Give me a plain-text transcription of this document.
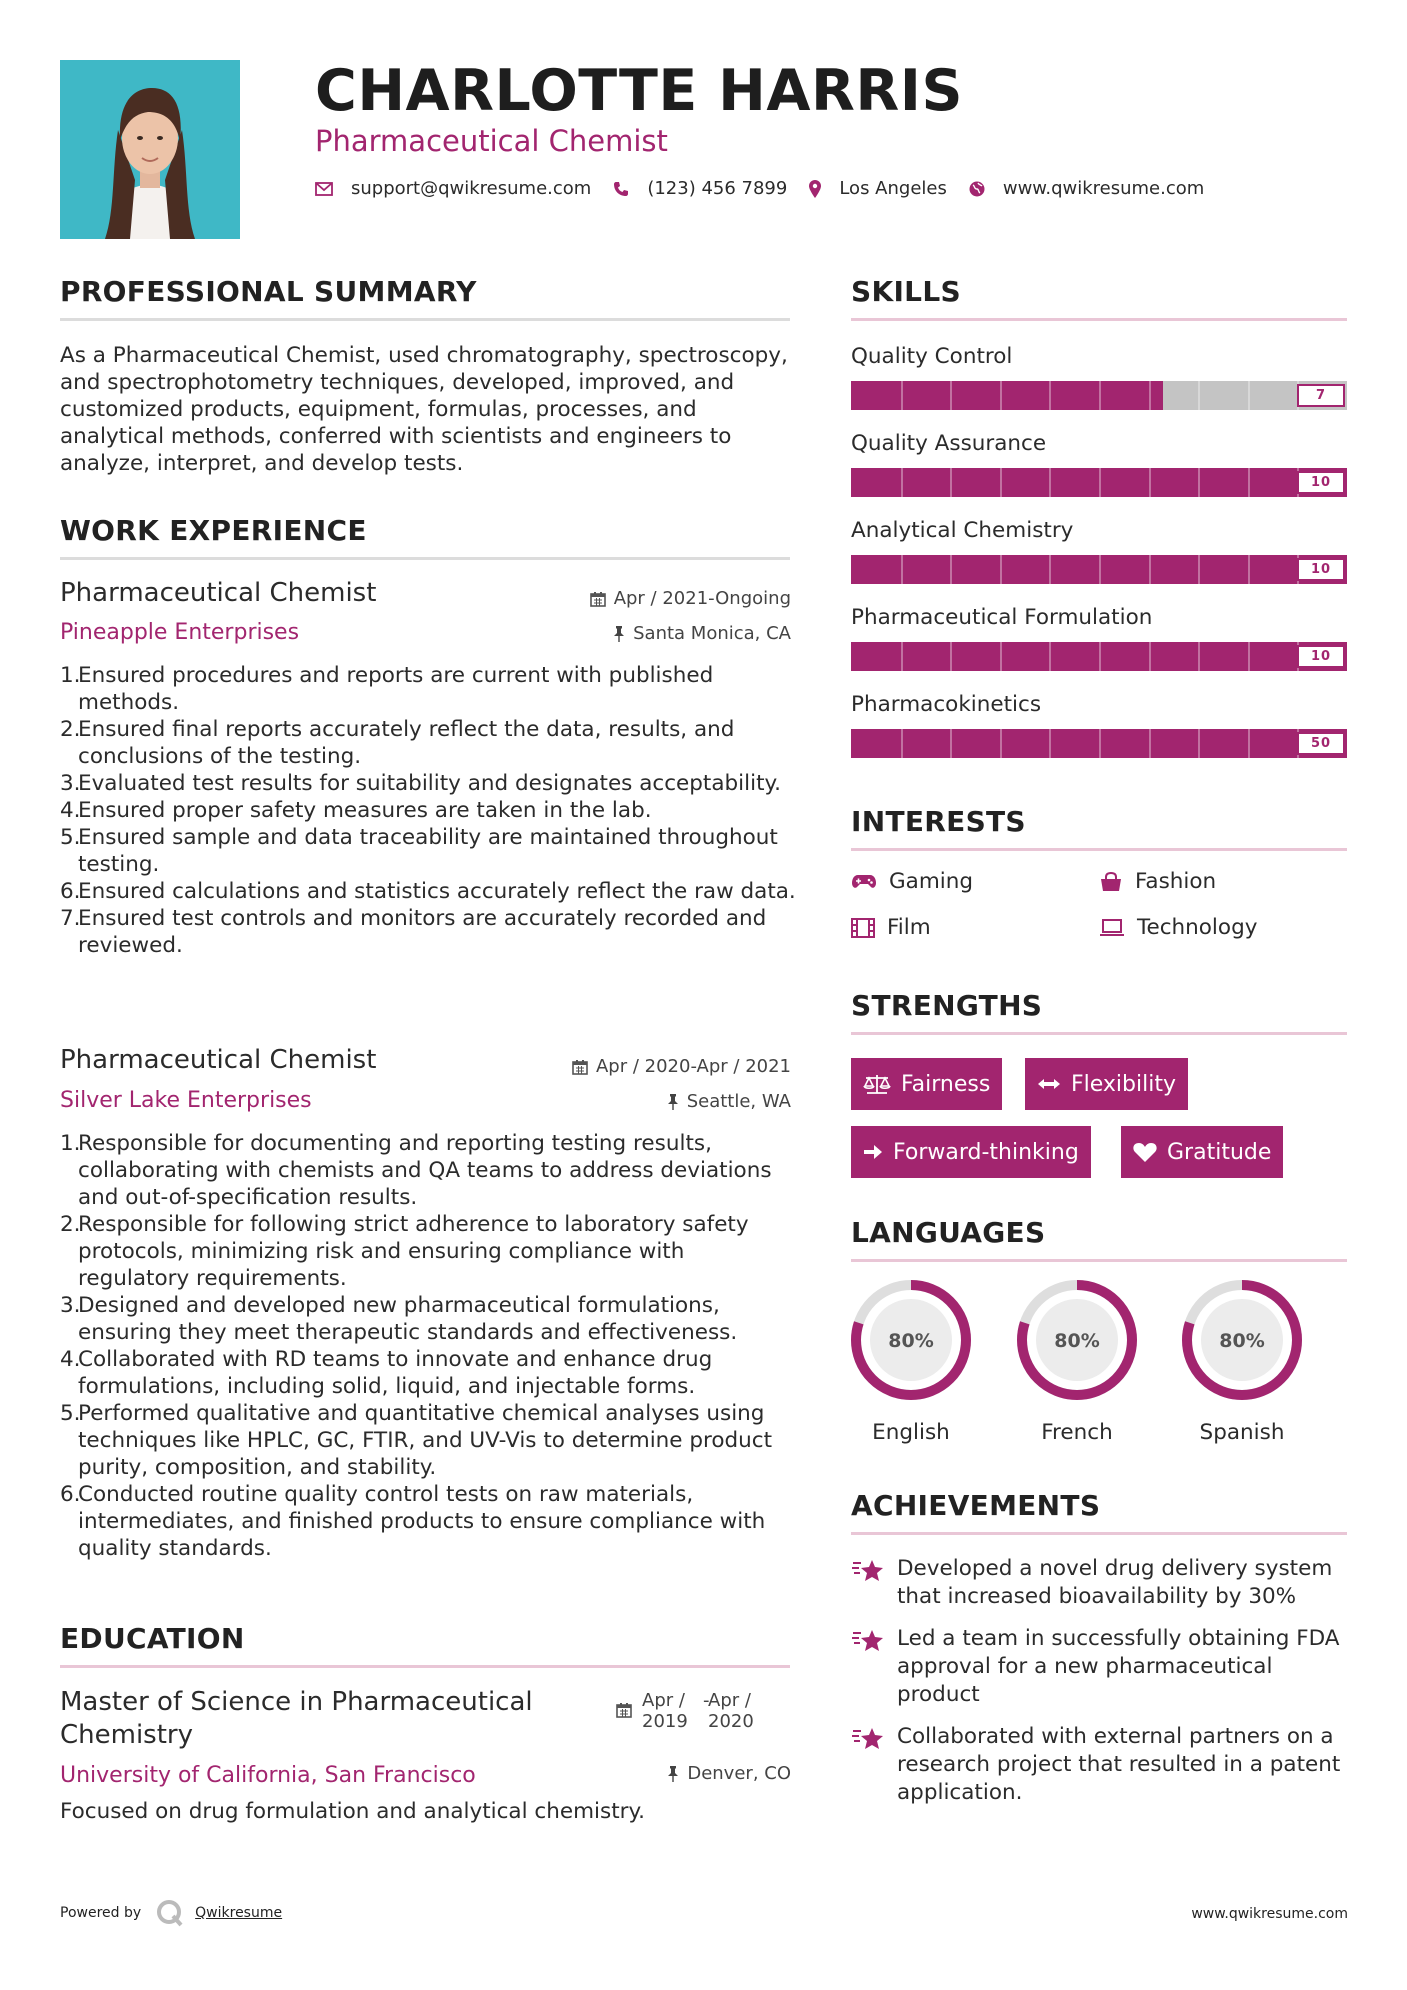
CHARLOTTE HARRIS
Pharmaceutical Chemist
support@qwikresume.com	(123) 456 7899	Los Angeles	www.qwikresume.com
PROFESSIONAL SUMMARY
As a Pharmaceutical Chemist, used chromatography, spectroscopy, and spectrophotometry techniques, developed, improved, and customized products, equipment, formulas, processes, and analytical methods, conferred with scientists and engineers to analyze, interpret, and develop tests.
WORK EXPERIENCE
Pharmaceutical Chemist	Apr / 2021-Ongoing
Pineapple Enterprises	Santa Monica, CA
1.
Ensured procedures and reports are current with published methods.
2.
Ensured final reports accurately reflect the data, results, and conclusions of the testing.
3.
Evaluated test results for suitability and designates acceptability.
4.
Ensured proper safety measures are taken in the lab.
5.
Ensured sample and data traceability are maintained throughout testing.
6.
Ensured calculations and statistics accurately reflect the raw data.
7.
Ensured test controls and monitors are accurately recorded and reviewed.
Pharmaceutical Chemist	Apr / 2020-Apr / 2021
Silver Lake Enterprises	Seattle, WA
1.
Responsible for documenting and reporting testing results, collaborating with chemists and QA teams to address deviations and out-of-specification results.
2.
Responsible for following strict adherence to laboratory safety protocols, minimizing risk and ensuring compliance with regulatory requirements.
3.
Designed and developed new pharmaceutical formulations, ensuring they meet therapeutic standards and effectiveness.
4.
Collaborated with RD teams to innovate and enhance drug formulations, including solid, liquid, and injectable forms.
5.
Performed qualitative and quantitative chemical analyses using techniques like HPLC, GC, FTIR, and UV-Vis to determine product purity, composition, and stability.
6.
Conducted routine quality control tests on raw materials, intermediates, and finished products to ensure compliance with quality standards.
EDUCATION
Master of Science in Pharmaceutical
Chemistry
Apr /
2019
-
Apr /
2020
University of California, San Francisco	Denver, CO
Focused on drug formulation and analytical chemistry.
SKILLS
Quality Control
7
Quality Assurance
10
Analytical Chemistry
10
Pharmaceutical Formulation
10
Pharmacokinetics
50
INTERESTS
Gaming	Fashion
Film	Technology
STRENGTHS
Fairness	Flexibility
Forward-thinking	Gratitude
LANGUAGES
80%
English
80%
French
80%
Spanish
ACHIEVEMENTS
Developed a novel drug delivery system that increased bioavailability by 30%
Led a team in successfully obtaining FDA approval for a new pharmaceutical product
Collaborated with external partners on a research project that resulted in a patent application.
Powered by	Qwikresume	www.qwikresume.com
